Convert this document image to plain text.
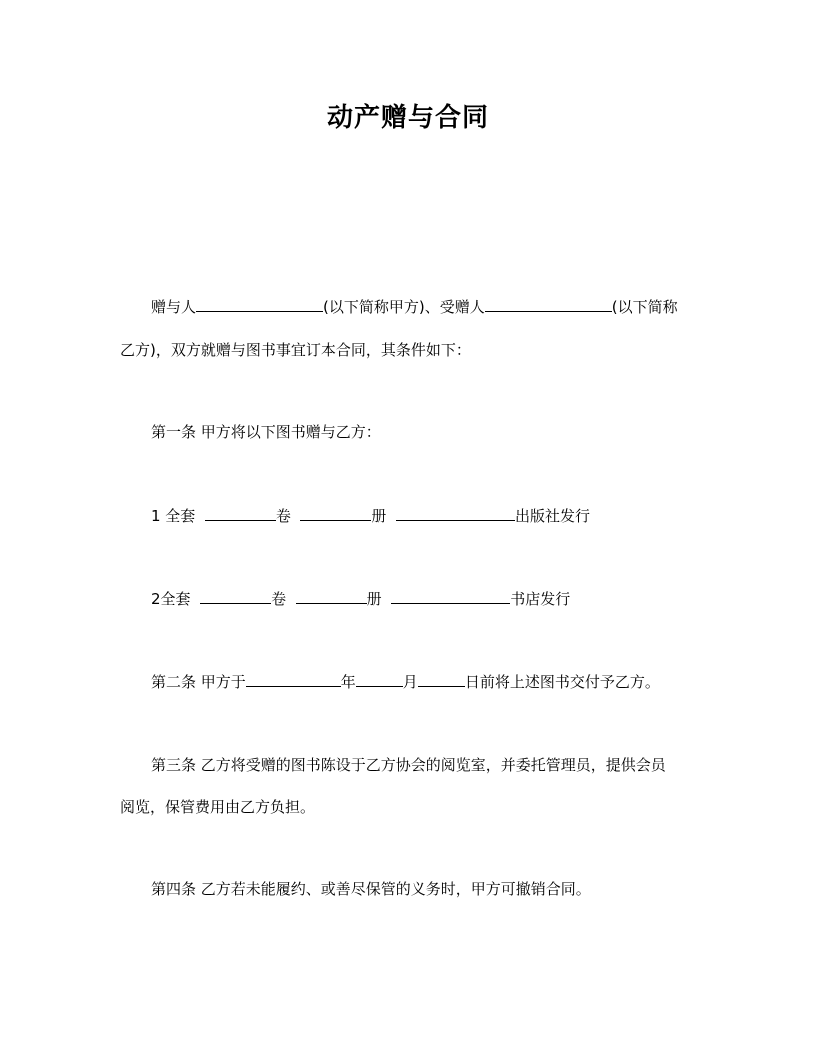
动产赠与合同
赠与人	(以下简称甲方)、受赠人	(以下简称
乙方)，双方就赠与图书事宜订本合同，其条件如下：
第一条 甲方将以下图书赠与乙方：
1 全套	卷	册	出版社发行
2全套	卷	册	书店发行
第二条 甲方于	年	月	日前将上述图书交付予乙方。
第三条 乙方将受赠的图书陈设于乙方协会的阅览室，并委托管理员，提供会员
阅览，保管费用由乙方负担。
第四条 乙方若未能履约、或善尽保管的义务时，甲方可撤销合同。
